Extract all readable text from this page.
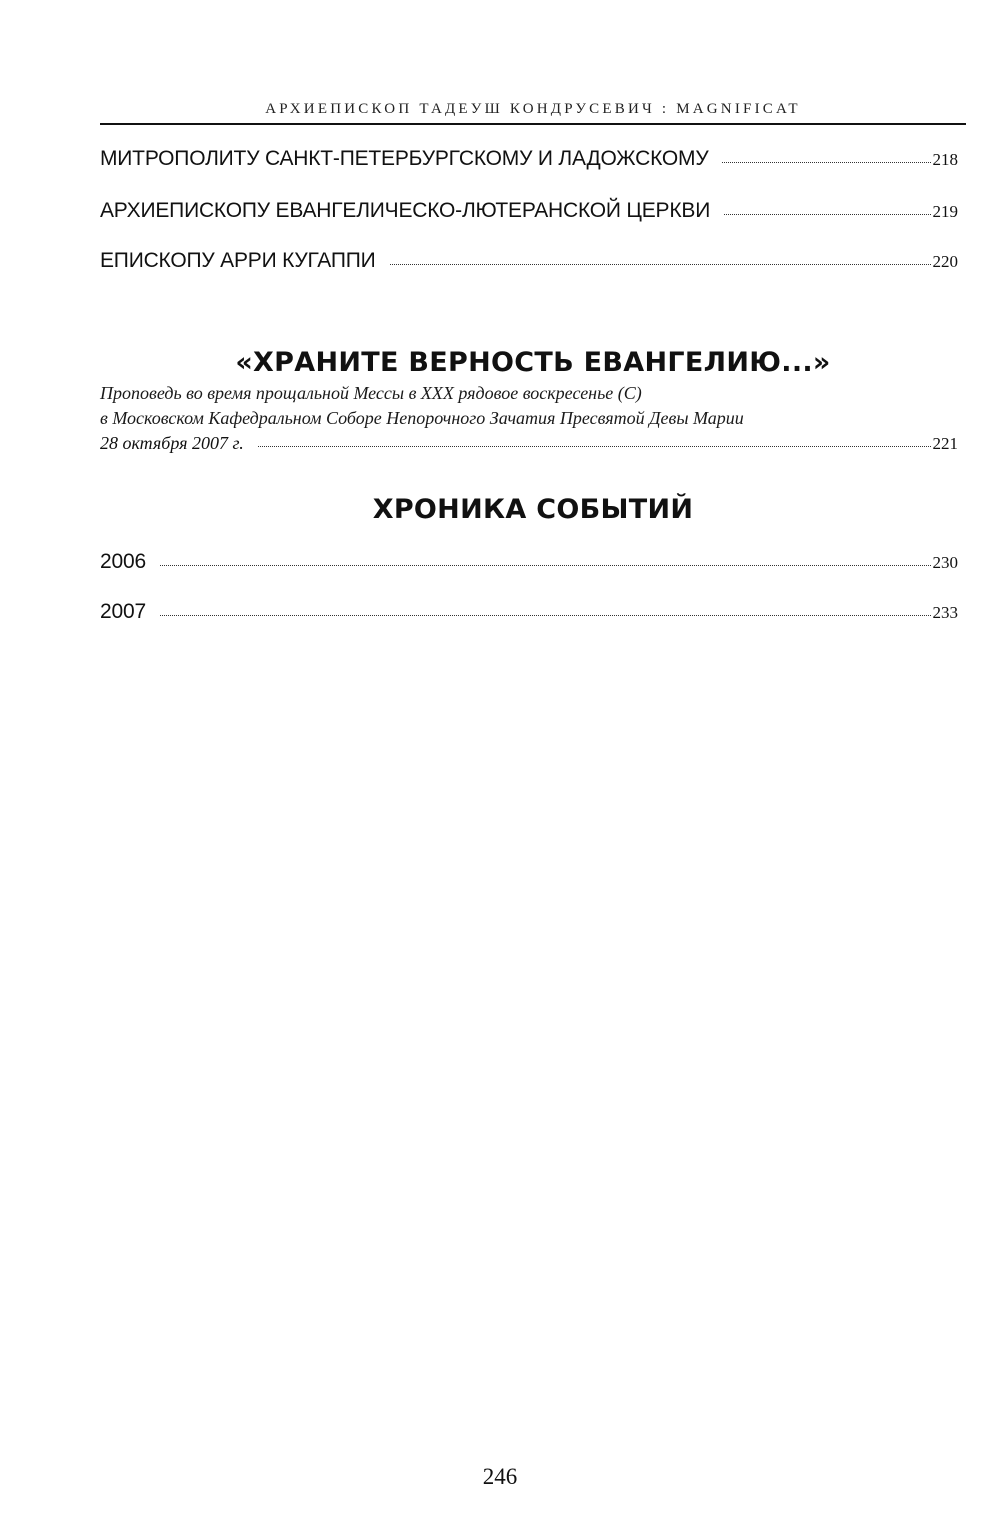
АРХИЕПИСКОП ТАДЕУШ КОНДРУСЕВИЧ : MAGNIFICAT
МИТРОПОЛИТУ САНКТ-ПЕТЕРБУРГСКОМУ И ЛАДОЖСКОМУ	218
АРХИЕПИСКОПУ ЕВАНГЕЛИЧЕСКО-ЛЮТЕРАНСКОЙ ЦЕРКВИ	219
ЕПИСКОПУ АРРИ КУГАППИ	220
«ХРАНИТЕ ВЕРНОСТЬ ЕВАНГЕЛИЮ...»
Проповедь во время прощальной Мессы в XXX рядовое воскресенье (С)
в Московском Кафедральном Соборе Непорочного Зачатия Пресвятой Девы Марии
28 октября 2007 г.	221
ХРОНИКА СОБЫТИЙ
2006	230
2007	233
246
